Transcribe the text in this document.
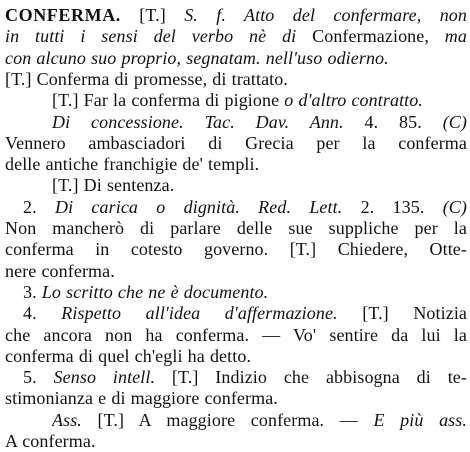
CONFERMA. [T.] S. f. Atto del confermare, non
in tutti i sensi del verbo nè di Confermazione, ma
con alcuno suo proprio, segnatam. nell'uso odierno.
[T.] Conferma di promesse, di trattato.
[T.] Far la conferma di pigione o d'altro contratto.
Di concessione. Tac. Dav. Ann. 4. 85. (C)
Vennero ambasciadori di Grecia per la conferma
delle antiche franchigie de' templi.
[T.] Di sentenza.
2. Di carica o dignità. Red. Lett. 2. 135. (C)
Non mancherò di parlare delle sue suppliche per la
conferma in cotesto governo. [T.] Chiedere, Otte-
nere conferma.
3. Lo scritto che ne è documento.
4. Rispetto all'idea d'affermazione. [T.] Notizia
che ancora non ha conferma. — Vo' sentire da lui la
conferma di quel ch'egli ha detto.
5. Senso intell. [T.] Indizio che abbisogna di te-
stimonianza e di maggiore conferma.
Ass. [T.] A maggiore conferma. — E più ass.
A conferma.
